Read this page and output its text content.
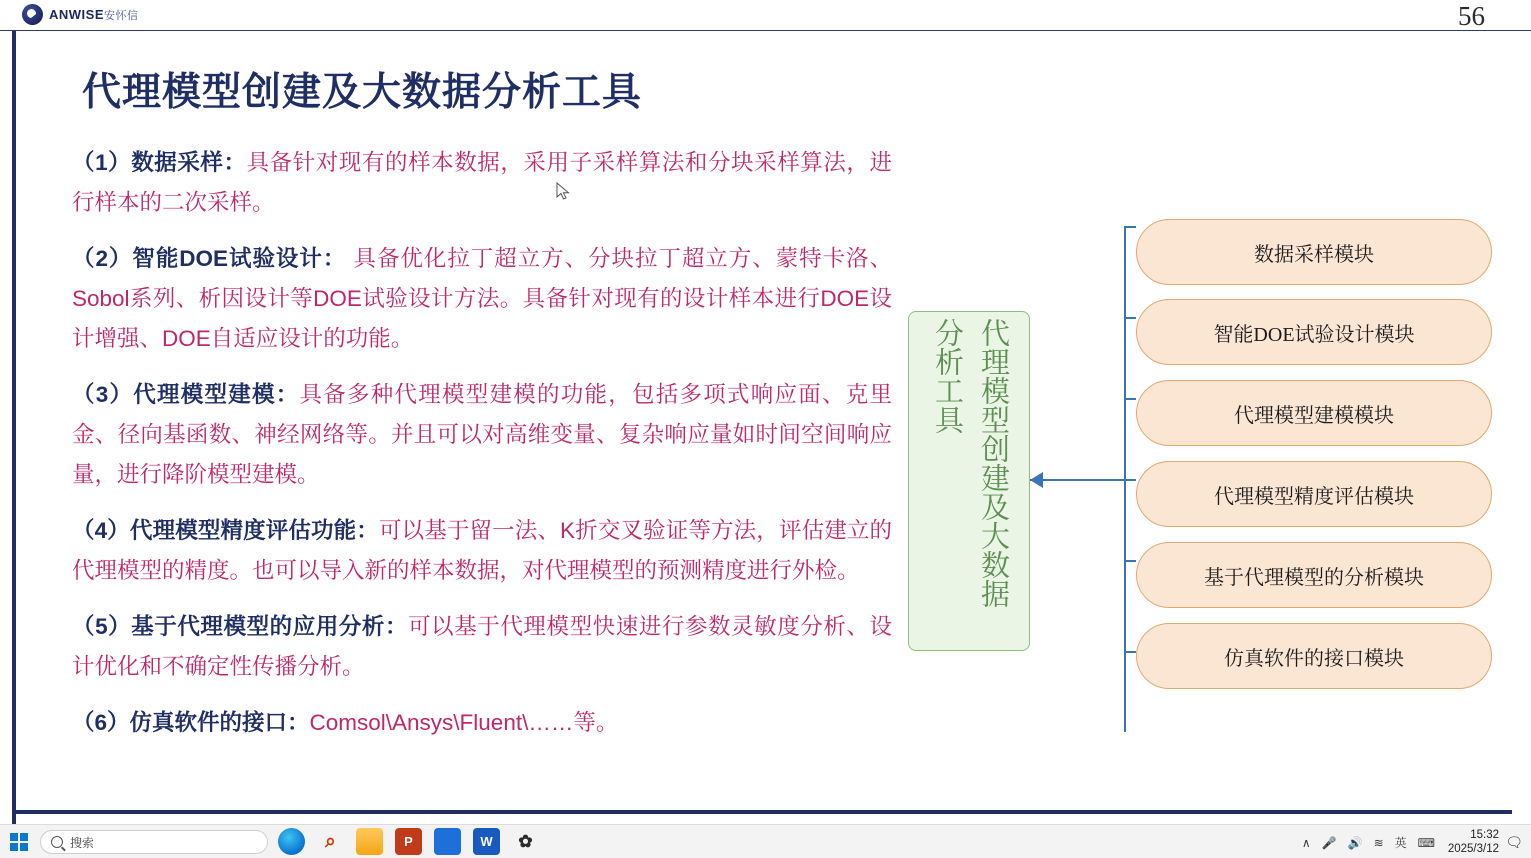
ANWISE安怀信	56
代理模型创建及大数据分析工具

（1）数据采样：具备针对现有的样本数据，采用子采样算法和分块采样算法，进行样本的二次采样。

（2）智能DOE试验设计： 具备优化拉丁超立方、分块拉丁超立方、蒙特卡洛、Sobol系列、析因设计等DOE试验设计方法。具备针对现有的设计样本进行DOE设计增强、DOE自适应设计的功能。

（3）代理模型建模：具备多种代理模型建模的功能，包括多项式响应面、克里金、径向基函数、神经网络等。并且可以对高维变量、复杂响应量如时间空间响应量，进行降阶模型建模。

（4）代理模型精度评估功能：可以基于留一法、K折交叉验证等方法，评估建立的代理模型的精度。也可以导入新的样本数据，对代理模型的预测精度进行外检。

（5）基于代理模型的应用分析：可以基于代理模型快速进行参数灵敏度分析、设计优化和不确定性传播分析。

（6）仿真软件的接口：Comsol\Ansys\Fluent\……等。

代理模型创建及大数据分析工具
数据采样模块
智能DOE试验设计模块
代理模型建模模块
代理模型精度评估模块
基于代理模型的分析模块
仿真软件的接口模块
搜索	⌕	P	W	✿	∧ 🎤 🔊 ≋ 英 ⌨
15:32
2025/3/12 🗨
